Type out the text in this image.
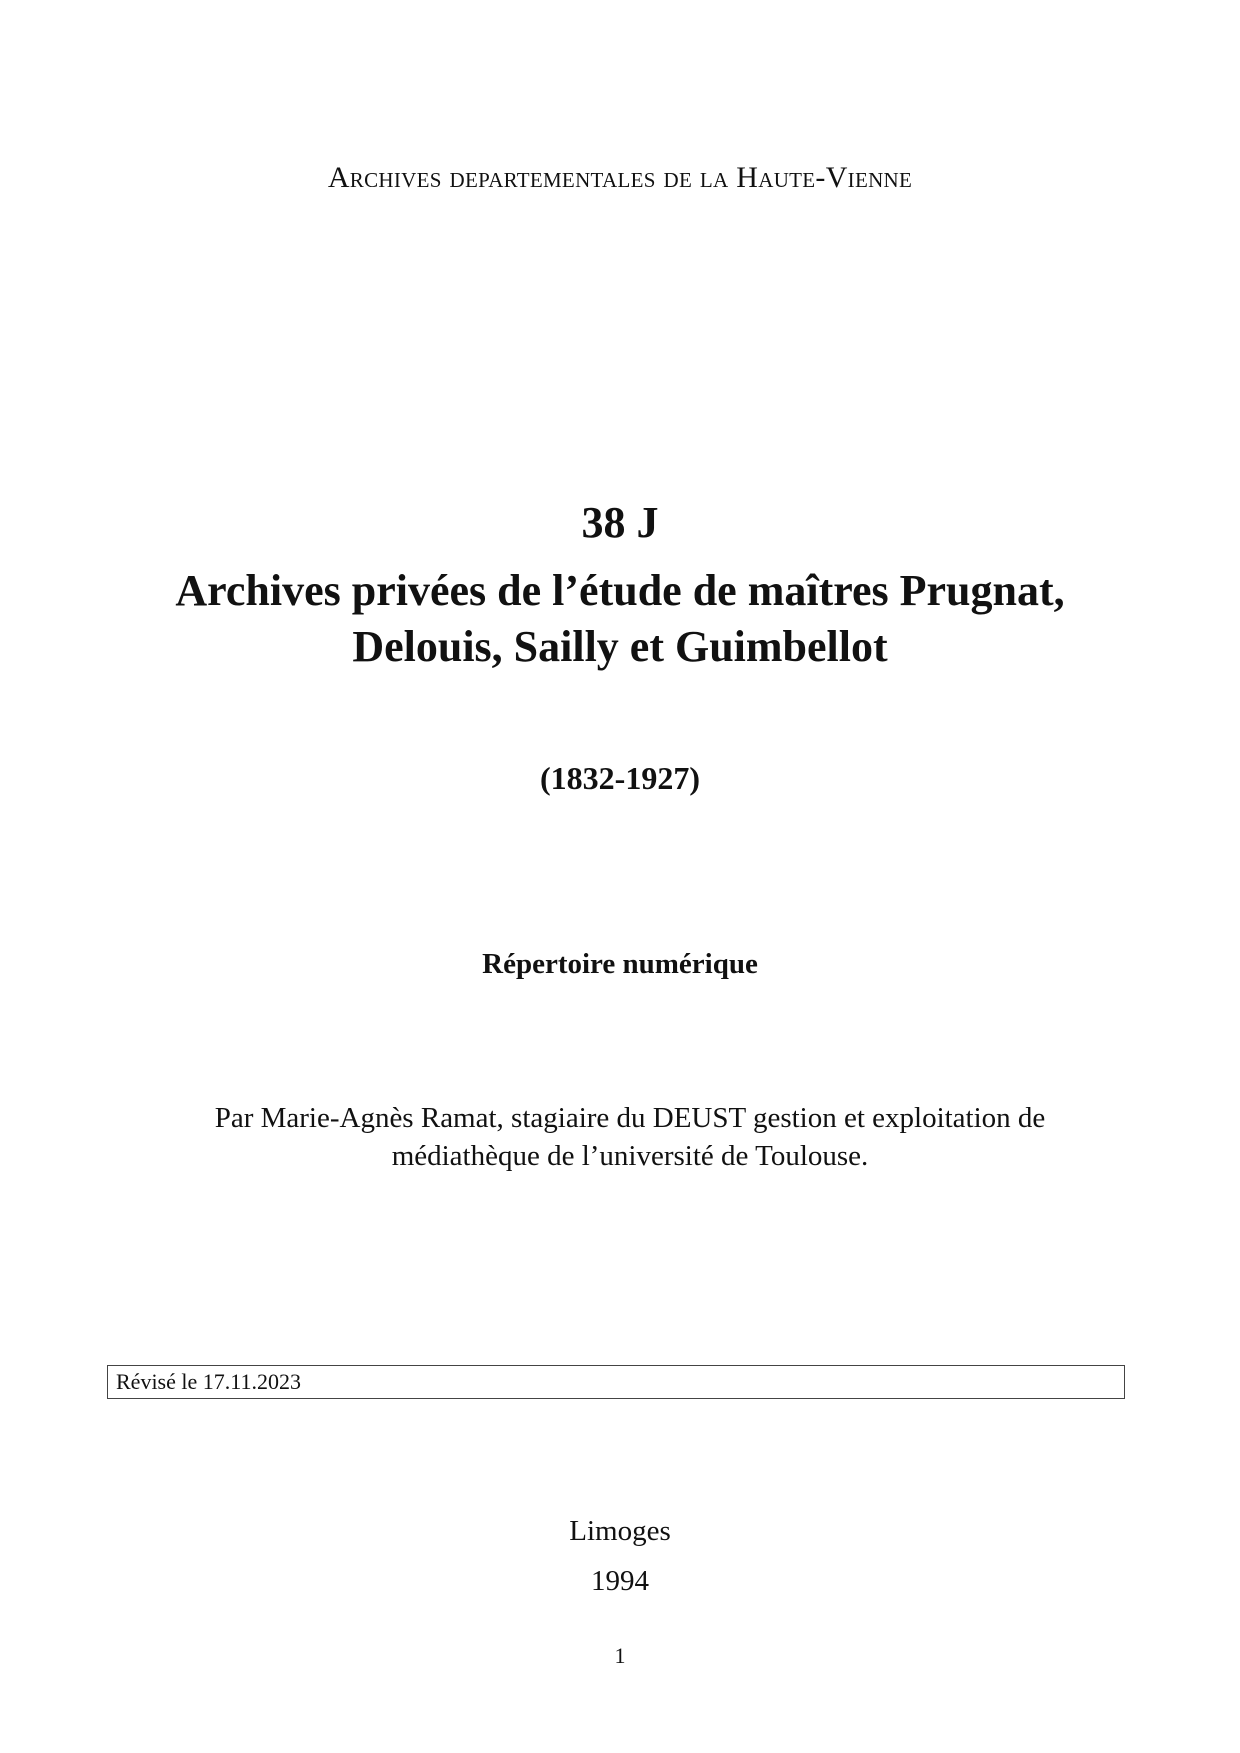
Archives departementales de la Haute-Vienne
38 J
Archives privées de l’étude de maîtres Prugnat,
Delouis, Sailly et Guimbellot
(1832-1927)
Répertoire numérique
Par Marie-Agnès Ramat, stagiaire du DEUST gestion et exploitation de
médiathèque de l’université de Toulouse.
Révisé le 17.11.2023
Limoges
1994
1
